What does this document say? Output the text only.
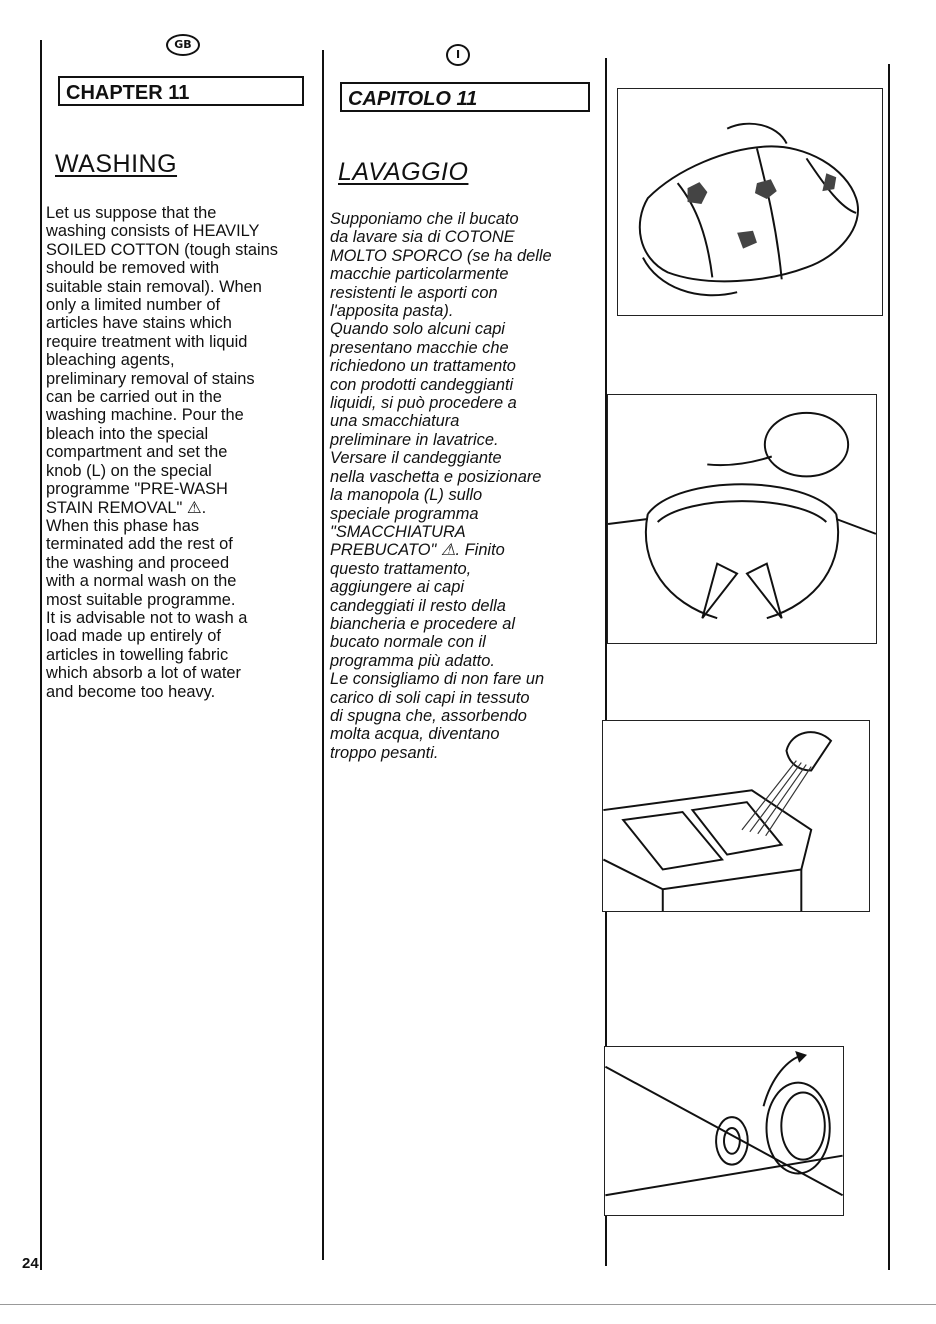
GB
CHAPTER 11
WASHING
Let us suppose that the
washing consists of HEAVILY
SOILED COTTON (tough stains
should be removed with
suitable stain removal). When
only a limited number of
articles have stains which
require treatment with liquid
bleaching agents,
preliminary removal of stains
can be carried out in the
washing machine. Pour the
bleach into the special
compartment and set the
knob (L) on the special
programme "PRE-WASH
STAIN REMOVAL" ⚠.
When this phase has
terminated add the rest of
the washing and proceed
with a normal wash on the
most suitable programme.
It is advisable not to wash a
load made up entirely of
articles in towelling fabric
which absorb a lot of water
and become too heavy.
I
CAPITOLO 11
LAVAGGIO
Supponiamo che il bucato
da lavare sia di COTONE
MOLTO SPORCO (se ha delle
macchie particolarmente
resistenti le asporti con
l'apposita pasta).
Quando solo alcuni capi
presentano macchie che
richiedono un trattamento
con prodotti candeggianti
liquidi, si può procedere a
una smacchiatura
preliminare in lavatrice.
Versare il candeggiante
nella vaschetta e posizionare
la manopola (L) sullo
speciale programma
"SMACCHIATURA
PREBUCATO" ⚠. Finito
questo trattamento,
aggiungere ai capi
candeggiati il resto della
biancheria e procedere al
bucato normale con il
programma più adatto.
Le consigliamo di non fare un
carico di soli capi in tessuto
di spugna che, assorbendo
molta acqua, diventano
troppo pesanti.
24
